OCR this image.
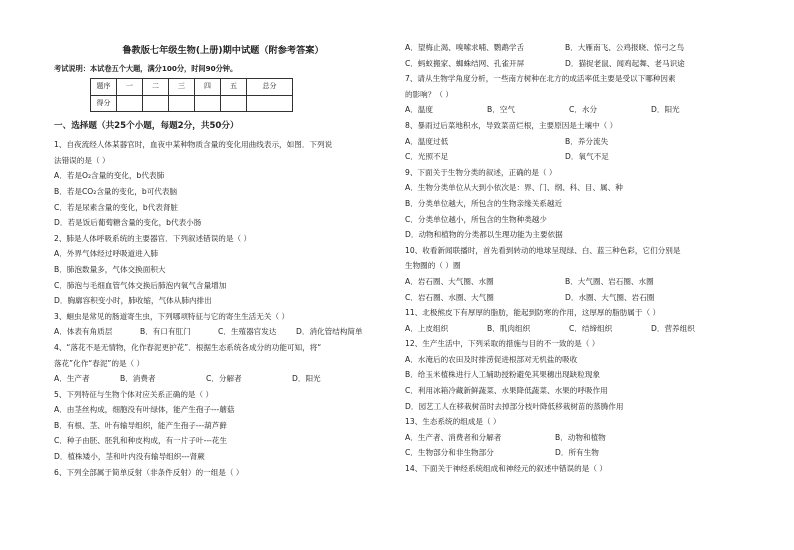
鲁教版七年级生物(上册)期中试题（附参考答案）
考试说明：本试卷五个大题，满分100分，时间90分钟。
题序	一	二	三	四	五	总分
得分						
一、选择题（共25个小题，每题2分，共50分）
1、自夜流经人体某器官时，血夜中某种物质含量的变化用曲线表示，如图．下列说
法错误的是（ ）
A．若是O₂含量的变化，b代表肺
B．若是CO₂含量的变化，b可代表脑
C．若是尿素含量的变化，b代表肾脏
D．若是饭后葡萄糖含量的变化，b代表小肠
2、肺是人体呼吸系统的主要器官．下列叙述错误的是（ ）
A．外界气体经过呼吸道进入肺
B．肺泡数量多，气体交换面积大
C．肺泡与毛细血管气体交换后肺泡内氧气含量增加
D．胸廓容积变小时，肺收缩，气体从肺内排出
3、蛔虫是常见的肠道寄生虫，下列哪项特征与它的寄生生活无关（ ）
A．体表有角质层	B．有口有肛门	C．生殖器官发达	D．消化管结构简单
4、“落花不是无情物，化作春泥更护花”．根据生态系统各成分的功能可知，将“
落花”化作“春泥”的是（ ）
A．生产者	B．消费者	C．分解者	D．阳光
5、下列特征与生物个体对应关系正确的是（ ）
A．由茎丝构成，细胞没有叶绿体，能产生孢子---蘑菇
B．有根、茎、叶有输导组织，能产生孢子---葫芦藓
C．种子由胚、胚乳和种皮构成，有一片子叶---花生
D．植株矮小，茎和叶内没有输导组织---肾蕨
6、下列全部属于简单反射（非条件反射）的一组是（ ）
A．望梅止渴、嗅嗦求哺、鹦鹉学舌	B．大雁南飞、公鸡报晓、惊弓之鸟
C．蚂蚁搬家、蜘蛛结网、孔雀开屏	D．猫捉老鼠、闻鸡起舞、老马识途
7、请从生物学角度分析，一些南方树种在北方的成活率低主要是受以下哪种因素
的影响？（ ）
A．温度	B．空气	C．水分	D．阳光
8、暴雨过后菜地积水，导致菜苗烂根，主要原因是土壤中（ ）
A．温度过低	B．养分流失
C．光照不足	D．氧气不足
9、下面关于生物分类的叙述，正确的是（ ）
A．生物分类单位从大到小依次是：界、门、纲、科、目、属、种
B．分类单位越大，所包含的生物亲缘关系越近
C．分类单位越小，所包含的生物种类越少
D．动物和植物的分类都以生理功能为主要依据
10、收看新闻联播时，首先看到转动的地球呈现绿、白、蓝三种色彩，它们分别是
生物圈的（ ）圈
A．岩石圈、大气圈、水圈	B．大气圈、岩石圈、水圈
C．岩石圈、水圈、大气圈	D．水圈、大气圈、岩石圈
11、北极熊皮下有厚厚的脂肪，能起到防寒的作用，这厚厚的脂肪属于（ ）
A．上皮组织	B．肌肉组织	C．结缔组织	D．营养组织
12、生产生活中，下列采取的措施与目的不一致的是（ ）
A．水淹后的农田及时排涝促进根部对无机盐的吸收
B．给玉米植株进行人工辅助授粉避免其果穗出现缺粒现象
C．利用冰箱冷藏新鲜蔬菜、水果降低蔬菜、水果的呼吸作用
D．园艺工人在移栽树苗时去掉部分枝叶降低移栽树苗的蒸腾作用
13、生态系统的组成是（ ）
A．生产者、消费者和分解者	B．动物和植物
C．生物部分和非生物部分	D．所有生物
14、下面关于神经系统组成和神经元的叙述中错误的是（ ）
